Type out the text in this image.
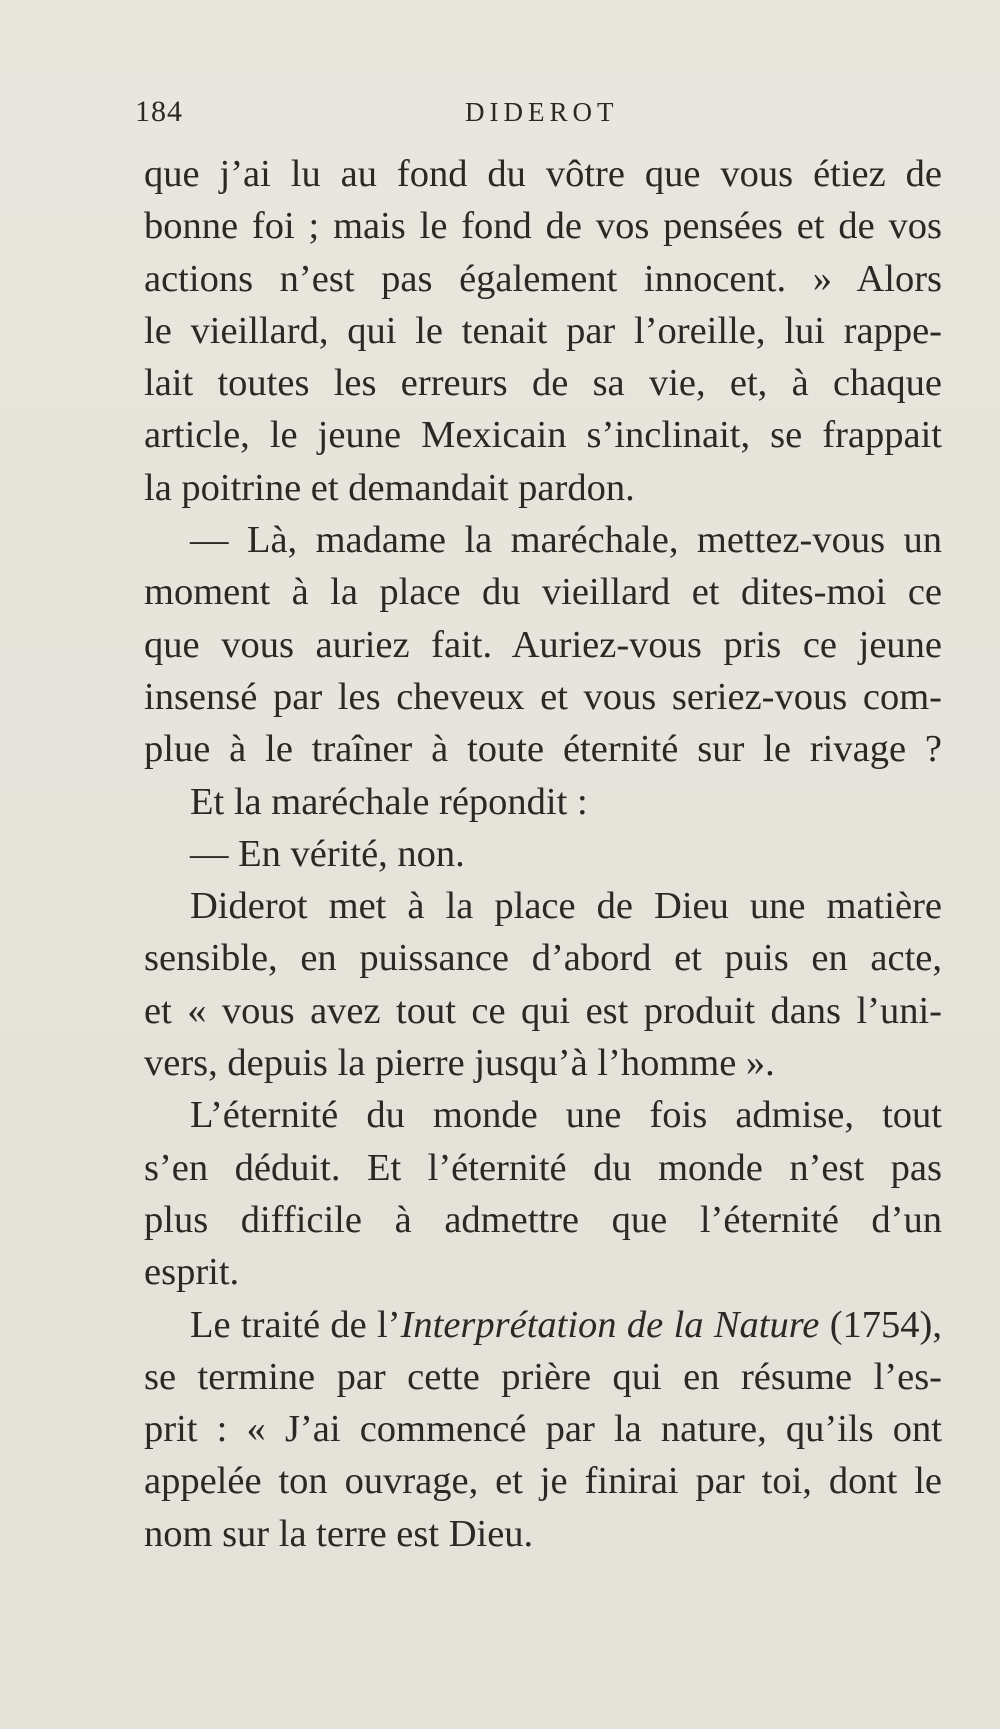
184	DIDEROT
que j’ai lu au fond du vôtre que vous étiez de
bonne foi ; mais le fond de vos pensées et de vos
actions n’est pas également innocent. » Alors
le vieillard, qui le tenait par l’oreille, lui rappe-
lait toutes les erreurs de sa vie, et, à chaque
article, le jeune Mexicain s’inclinait, se frappait
la poitrine et demandait pardon.
— Là, madame la maréchale, mettez-vous un
moment à la place du vieillard et dites-moi ce
que vous auriez fait. Auriez-vous pris ce jeune
insensé par les cheveux et vous seriez-vous com-
plue à le traîner à toute éternité sur le rivage ?
Et la maréchale répondit :
— En vérité, non.
Diderot met à la place de Dieu une matière
sensible, en puissance d’abord et puis en acte,
et « vous avez tout ce qui est produit dans l’uni-
vers, depuis la pierre jusqu’à l’homme ».
L’éternité du monde une fois admise, tout
s’en déduit. Et l’éternité du monde n’est pas
plus difficile à admettre que l’éternité d’un
esprit.
Le traité de l’Interprétation de la Nature (1754),
se termine par cette prière qui en résume l’es-
prit : « J’ai commencé par la nature, qu’ils ont
appelée ton ouvrage, et je finirai par toi, dont le
nom sur la terre est Dieu.
